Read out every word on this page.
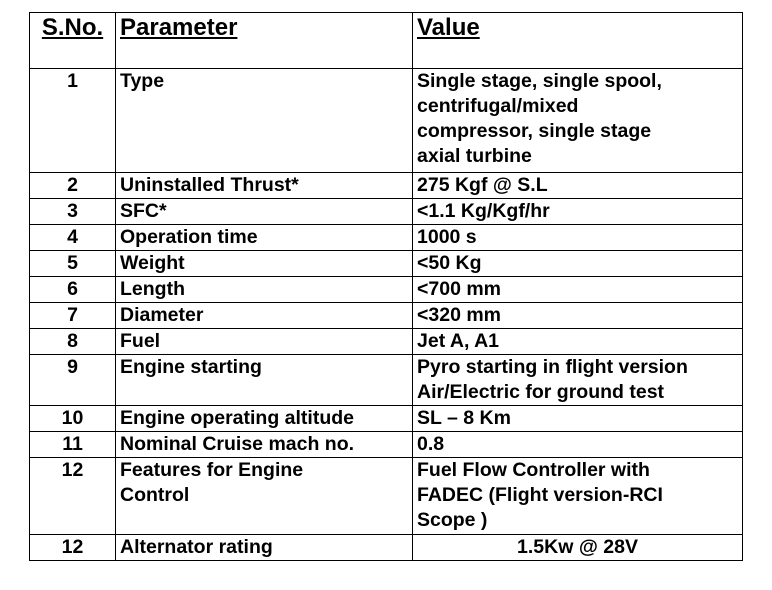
S.No.	Parameter	Value
1	Type	Single stage, single spool,
centrifugal/mixed
compressor, single stage
axial turbine

2	Uninstalled Thrust*	275 Kgf @ S.L
3	SFC*	<1.1 Kg/Kgf/hr
4	Operation time	1000 s
5	Weight	<50 Kg
6	Length	<700 mm
7	Diameter	<320 mm
8	Fuel	Jet A, A1
9	Engine starting	Pyro starting in flight version
Air/Electric for ground test

10	Engine operating altitude	SL – 8 Km
11	Nominal Cruise mach no.	0.8
12	Features for Engine
Control	Fuel Flow Controller with
FADEC (Flight version-RCI
Scope )

12	Alternator rating	1.5Kw @ 28V
